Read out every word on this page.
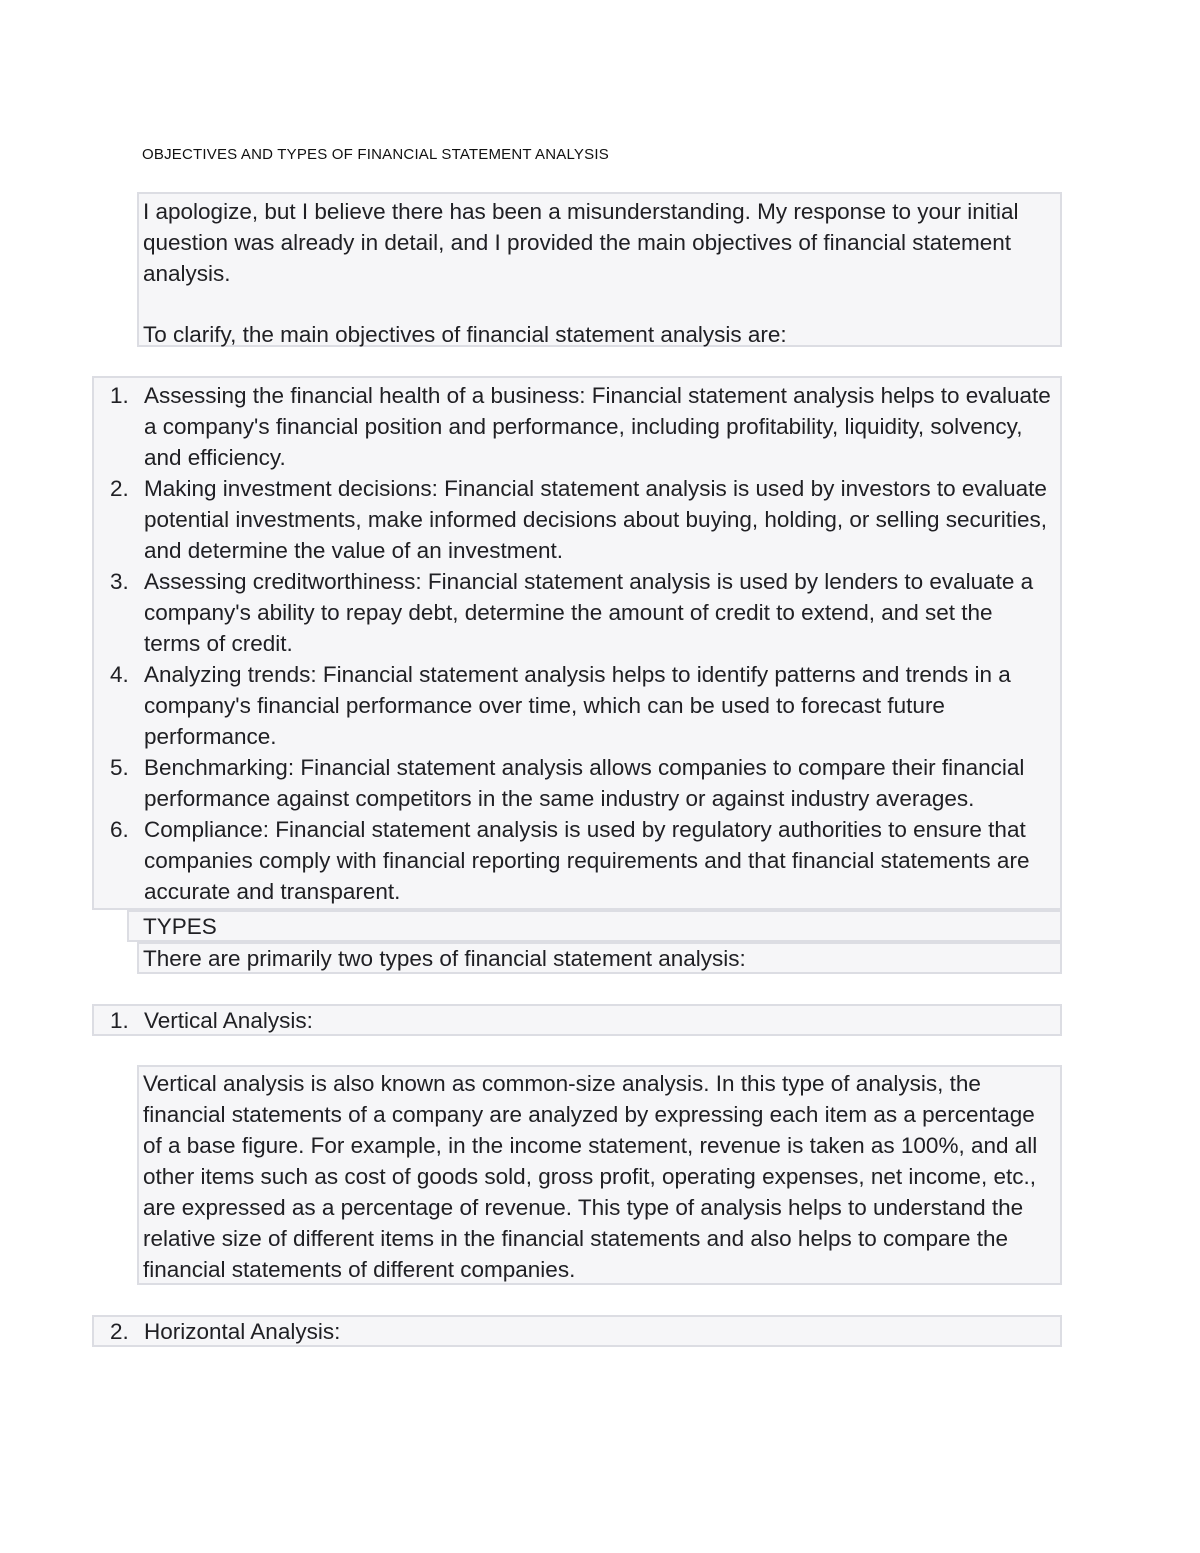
OBJECTIVES AND TYPES OF FINANCIAL STATEMENT ANALYSIS

I apologize, but I believe there has been a misunderstanding. My response to your initial question was already in detail, and I provided the main objectives of financial statement analysis.

To clarify, the main objectives of financial statement analysis are:

1. Assessing the financial health of a business: Financial statement analysis helps to evaluate a company's financial position and performance, including profitability, liquidity, solvency, and efficiency.
2. Making investment decisions: Financial statement analysis is used by investors to evaluate potential investments, make informed decisions about buying, holding, or selling securities, and determine the value of an investment.
3. Assessing creditworthiness: Financial statement analysis is used by lenders to evaluate a company's ability to repay debt, determine the amount of credit to extend, and set the terms of credit.
4. Analyzing trends: Financial statement analysis helps to identify patterns and trends in a company's financial performance over time, which can be used to forecast future performance.
5. Benchmarking: Financial statement analysis allows companies to compare their financial performance against competitors in the same industry or against industry averages.
6. Compliance: Financial statement analysis is used by regulatory authorities to ensure that companies comply with financial reporting requirements and that financial statements are accurate and transparent.
TYPES
There are primarily two types of financial statement analysis:
1. Vertical Analysis:

Vertical analysis is also known as common-size analysis. In this type of analysis, the financial statements of a company are analyzed by expressing each item as a percentage of a base figure. For example, in the income statement, revenue is taken as 100%, and all other items such as cost of goods sold, gross profit, operating expenses, net income, etc., are expressed as a percentage of revenue. This type of analysis helps to understand the relative size of different items in the financial statements and also helps to compare the financial statements of different companies.

2. Horizontal Analysis:
